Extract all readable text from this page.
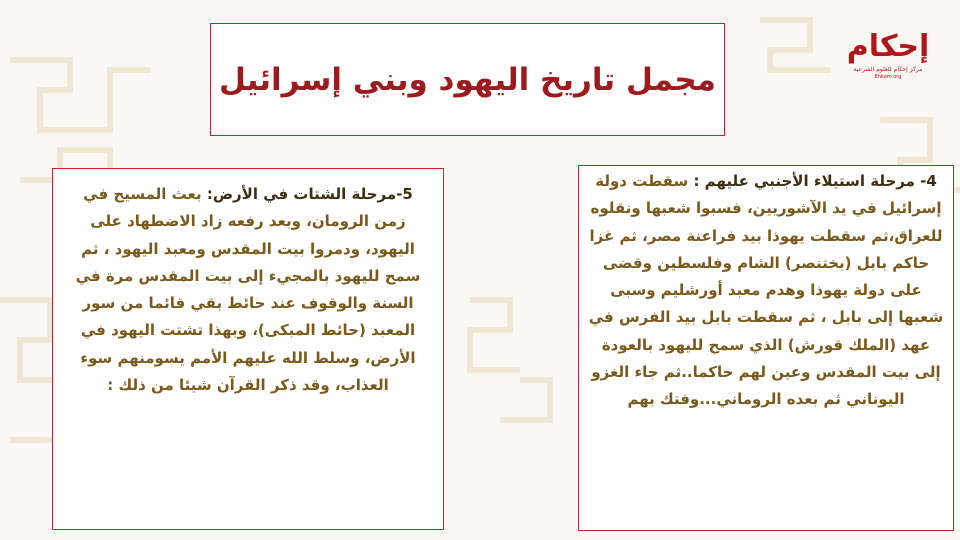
مجمل تاريخ اليهود وبني إسرائيل
إحكام
مركز إحكام للعلوم الشرعية
Ehkam.org
5-مرحلة الشتات في الأرض: بعث المسيح في زمن الرومان، وبعد رفعه زاد الاضطهاد على اليهود، ودمروا بيت المقدس ومعبد اليهود ، ثم سمح لليهود بالمجيء إلى بيت المقدس مرة في السنة والوقوف عند حائط بقي قائما من سور المعبد (حائط المبكى)، وبهذا تشتت اليهود في الأرض، وسلط الله عليهم الأمم يسومنهم سوء العذاب، وقد ذكر القرآن شيئا من ذلك :
4- مرحلة استيلاء الأجنبي عليهم : سقطت دولة إسرائيل في يد الآشوريين، فسبوا شعبها ونقلوه للعراق،ثم سقطت يهوذا بيد فراعنة مصر، ثم غزا حاكم بابل (بختنصر) الشام وفلسطين وقضى على دولة يهوذا وهدم معبد أورشليم وسبى شعبها إلى بابل ، ثم سقطت بابل بيد الفرس في عهد (الملك قورش) الذي سمح لليهود بالعودة إلى بيت المقدس وعين لهم حاكما..ثم جاء الغزو اليوناني ثم بعده الروماني...وفتك بهم
